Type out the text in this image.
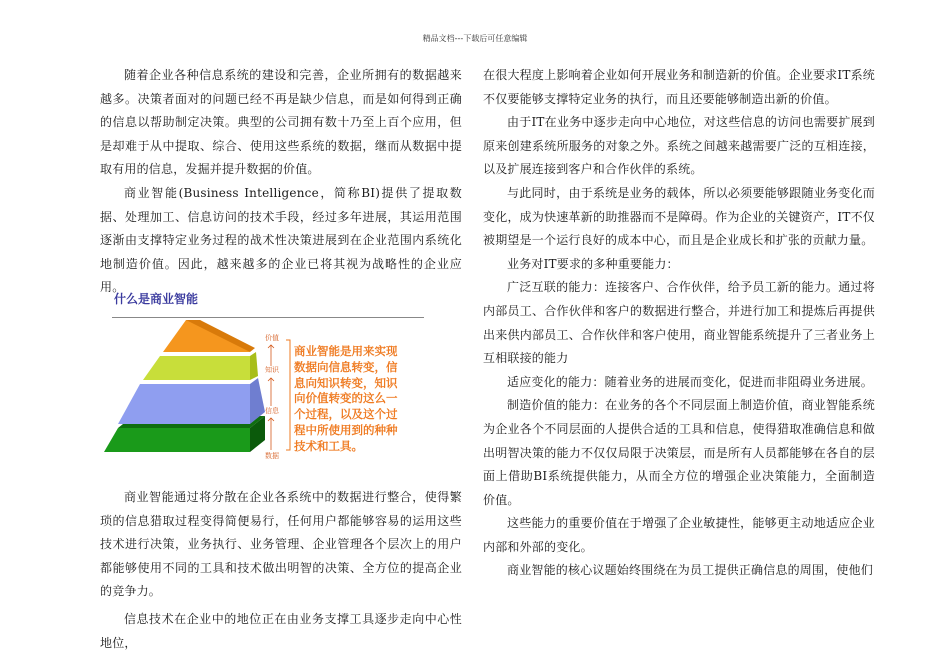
精品文档---下载后可任意编辑

随着企业各种信息系统的建设和完善，企业所拥有的数据越来越多。决策者面对的问题已经不再是缺少信息，而是如何得到正确的信息以帮助制定决策。典型的公司拥有数十乃至上百个应用，但是却难于从中提取、综合、使用这些系统的数据，继而从数据中提取有用的信息，发掘并提升数据的价值。

商业智能(Business Intelligence，简称BI)提供了提取数据、处理加工、信息访问的技术手段，经过多年进展，其运用范围逐渐由支撑特定业务过程的战术性决策进展到在企业范围内系统化地制造价值。因此，越来越多的企业已将其视为战略性的企业应用。

什么是商业智能
价值
知识
信息
数据
商业智能是用来实现数据向信息转变，信息向知识转变，知识向价值转变的这么一个过程，以及这个过程中所使用到的种种技术和工具。

商业智能通过将分散在企业各系统中的数据进行整合，使得繁琐的信息猎取过程变得简便易行，任何用户都能够容易的运用这些技术进行决策，业务执行、业务管理、企业管理各个层次上的用户都能够使用不同的工具和技术做出明智的决策、全方位的提高企业的竞争力。

信息技术在企业中的地位正在由业务支撑工具逐步走向中心性地位，

在很大程度上影响着企业如何开展业务和制造新的价值。企业要求IT系统不仅要能够支撑特定业务的执行，而且还要能够制造出新的价值。

由于IT在业务中逐步走向中心地位，对这些信息的访问也需要扩展到原来创建系统所服务的对象之外。系统之间越来越需要广泛的互相连接，以及扩展连接到客户和合作伙伴的系统。

与此同时，由于系统是业务的载体，所以必须要能够跟随业务变化而变化，成为快速革新的助推器而不是障碍。作为企业的关键资产，IT不仅被期望是一个运行良好的成本中心，而且是企业成长和扩张的贡献力量。

业务对IT要求的多种重要能力：

广泛互联的能力：连接客户、合作伙伴，给予员工新的能力。通过将内部员工、合作伙伴和客户的数据进行整合，并进行加工和提炼后再提供出来供内部员工、合作伙伴和客户使用，商业智能系统提升了三者业务上互相联接的能力

适应变化的能力：随着业务的进展而变化，促进而非阻碍业务进展。

制造价值的能力：在业务的各个不同层面上制造价值，商业智能系统为企业各个不同层面的人提供合适的工具和信息，使得猎取准确信息和做出明智决策的能力不仅仅局限于决策层，而是所有人员都能够在各自的层面上借助BI系统提供能力，从而全方位的增强企业决策能力，全面制造价值。

这些能力的重要价值在于增强了企业敏捷性，能够更主动地适应企业内部和外部的变化。

商业智能的核心议题始终围绕在为员工提供正确信息的周围，使他们
